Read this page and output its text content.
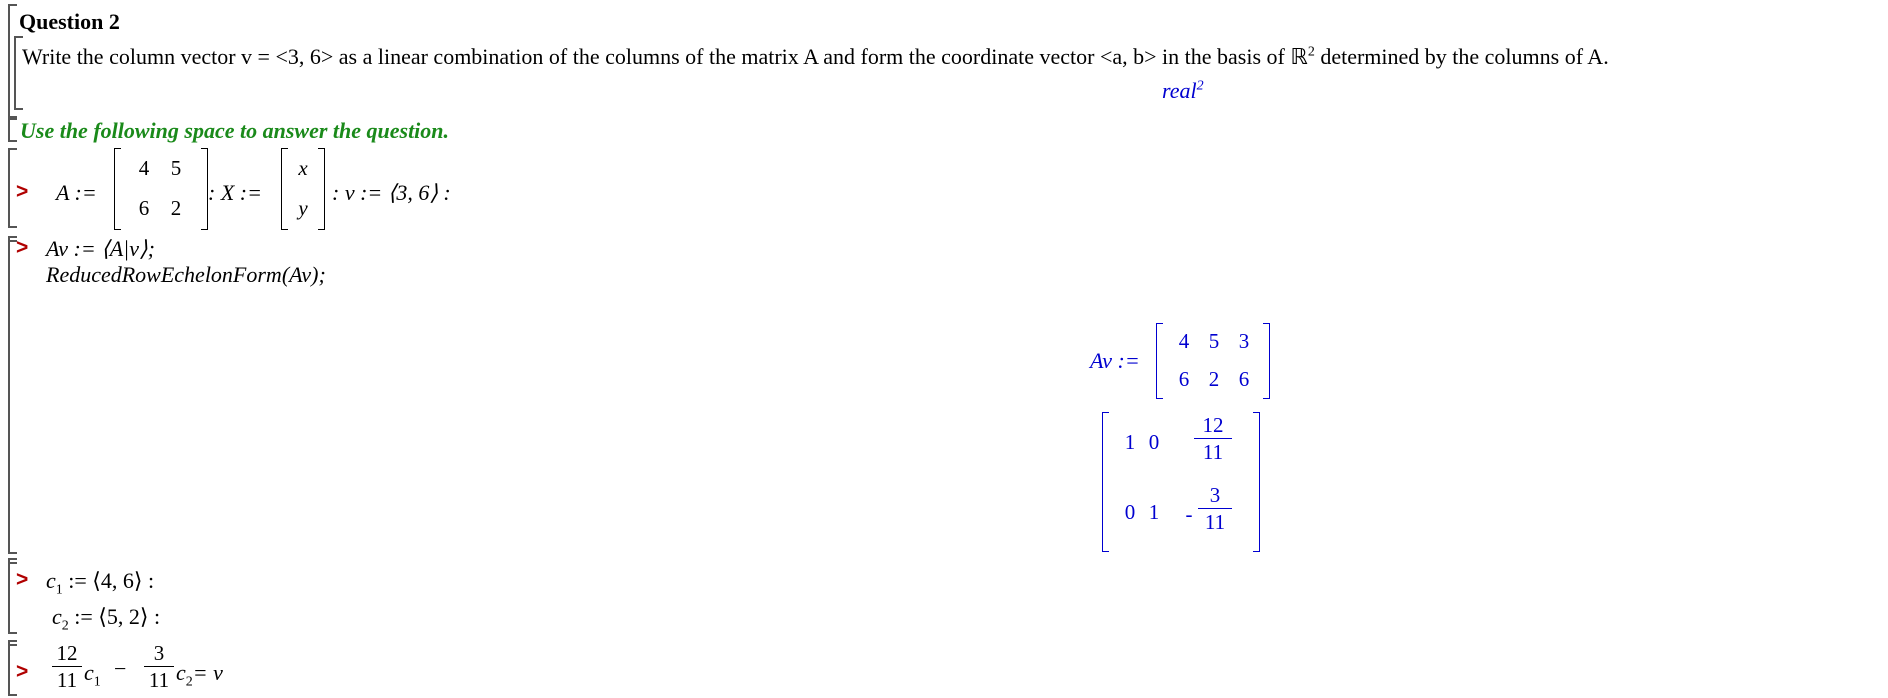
Question 2
Write the column vector v = <3, 6> as a linear combination of the columns of the matrix A and form the coordinate vector <a, b> in the basis of ℝ$^2$ determined by the columns of A.
real$^2$
Use the following space to answer the question.
> A :=
4 5
6 2
: X :=
x
y
: v := ⟨3, 6⟩ :
> Av := ⟨A|v⟩;
ReducedRowEchelonForm(Av);
Av :=
4 5 3
6 2 6
1 $0 \frac{12}{11}$
0 $1 - \frac{3}{11}$
> $c_1$ := ⟨4, 6⟩ :
$c_2$ := ⟨5, 2⟩ :
> $\frac{12}{11} c_1$
− $\frac{3}{11} c_2= v$
